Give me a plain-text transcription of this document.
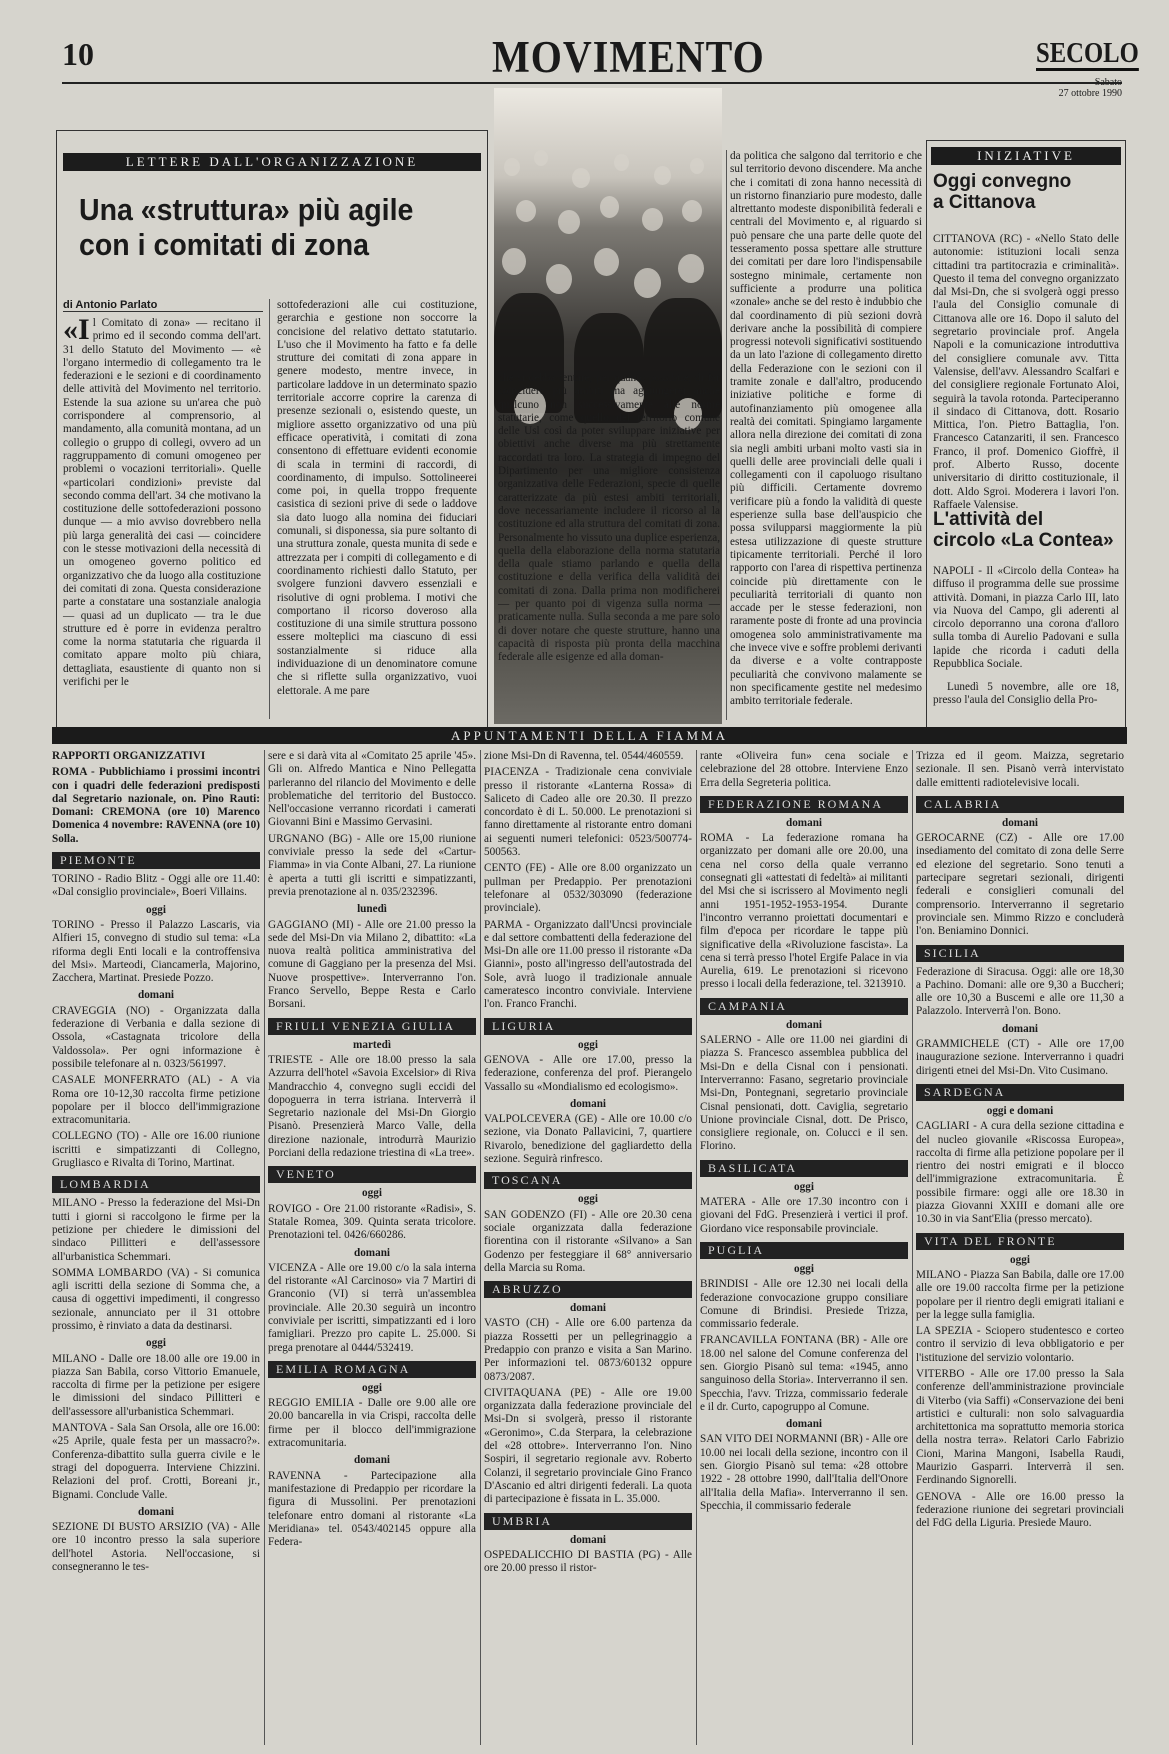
10	MOVIMENTO	SECOLO
27 ottobre 1990
LETTERE DALL'ORGANIZZAZIONE
Una «struttura» più agile
con i comitati di zona
di Antonio Parlato
«Il Comitato di zona» — recitano il primo ed il secondo comma dell'art. 31 dello Statuto del Movimento — «è l'organo intermedio di collegamento tra le federazioni e le sezioni e di coordinamento delle attività del Movimento nel territorio. Estende la sua azione su un'area che può corrispondere al comprensorio, al mandamento, alla comunità montana, ad un collegio o gruppo di collegi, ovvero ad un raggruppamento di comuni omogeneo per problemi o vocazioni territoriali». Quelle «particolari condizioni» previste dal secondo comma dell'art. 34 che motivano la costituzione delle sottofederazioni possono dunque — a mio avviso dovrebbero nella più larga generalità dei casi — coincidere con le stesse motivazioni della necessità di un omogeneo governo politico ed organizzativo che da luogo alla costituzione dei comitati di zona. Questa considerazione parte a constatare una sostanziale analogia — quasi ad un duplicato — tra le due strutture ed è porre in evidenza peraltro come la norma statutaria che riguarda il comitato appare molto più chiara, dettagliata, esaustiente di quanto non si verifichi per le
sottofederazioni alle cui costituzione, gerarchia e gestione non soccorre la concisione del relativo dettato statutario. L'uso che il Movimento ha fatto e fa delle strutture dei comitati di zona appare in genere modesto, mentre invece, in particolare laddove in un determinato spazio territoriale accorre coprire la carenza di presenze sezionali o, esistendo queste, un migliore assetto organizzativo od una più efficace operatività, i comitati di zona consentono di effettuare evidenti economie di scala in termini di raccordi, di coordinamento, di impulso. Sottolineerei come poi, in quella troppo frequente casistica di sezioni prive di sede o laddove sia dato luogo alla nomina dei fiduciari comunali, si disponessa, sia pure soltanto di una struttura zonale, questa munita di sede e attrezzata per i compiti di collegamento e di coordinamento richiesti dallo Statuto, per svolgere funzioni davvero essenziali e risolutive di ogni problema. I motivi che comportano il ricorso doveroso alla costituzione di una simile struttura possono essere molteplici ma ciascuno di essi sostanzialmente si riduce alla individuazione di un denominatore comune che si riflette sulla organizzativo, vuoi elettorale. A me pare
che si debba tentare, per quanto possibile, di far coincidere più ambiti ma aggiungerei anche qualcuno non successivamente alle norme statutarie, come quello del territorio comune delle Usl così da poter sviluppare iniziative per obiettivi anche diverse ma più strettamente raccordati tra loro. La strategia di impegno del Dipartimento per una migliore consistenza organizzativa delle Federazioni, specie di quelle caratterizzate da più estesi ambiti territoriali, dove necessariamente includere il ricorso al la costituzione ed alla struttura del comitati di zona. Personalmente ho vissuto una duplice esperienza, quella della elaborazione della norma statutaria della quale stiamo parlando e quella della costituzione e della verifica della validità dei comitati di zona. Dalla prima non modificherei — per quanto poi di vigenza sulla norma — praticamente nulla. Sulla seconda a me pare solo di dover notare che queste strutture, hanno una capacità di risposta più pronta della macchina federale alle esigenze ed alla doman-
da politica che salgono dal territorio e che sul territorio devono discendere. Ma anche che i comitati di zona hanno necessità di un ristorno finanziario pure modesto, dalle altrettanto modeste disponibilità federali e centrali del Movimento e, al riguardo si può pensare che una parte delle quote del tesseramento possa spettare alle strutture dei comitati per dare loro l'indispensabile sostegno minimale, certamente non sufficiente a produrre una politica «zonale» anche se del resto è indubbio che dal coordinamento di più sezioni dovrà derivare anche la possibilità di compiere progressi notevoli significativi sostituendo da un lato l'azione di collegamento diretto della Federazione con le sezioni con il tramite zonale e dall'altro, producendo iniziative politiche e forme di autofinanziamento più omogenee alla realtà dei comitati. Spingiamo largamente allora nella direzione dei comitati di zona sia negli ambiti urbani molto vasti sia in quelli delle aree provinciali delle quali i collegamenti con il capoluogo risultano più difficili. Certamente dovremo verificare più a fondo la validità di queste esperienze sulla base dell'auspicio che possa svilupparsi maggiormente la più estesa utilizzazione di queste strutture tipicamente territoriali. Perché il loro rapporto con l'area di rispettiva pertinenza coincide più direttamente con le peculiarità territoriali di quanto non accade per le stesse federazioni, non raramente poste di fronte ad una provincia omogenea solo amministrativamente ma che invece vive e soffre problemi derivanti da diverse e a volte contrapposte peculiarità che convivono malamente se non specificamente gestite nel medesimo ambito territoriale federale.
INIZIATIVE
Oggi convegno
a Cittanova
CITTANOVA (RC) - «Nello Stato delle autonomie: istituzioni locali senza cittadini tra partitocrazia e criminalità». Questo il tema del convegno organizzato dal Msi-Dn, che si svolgerà oggi presso l'aula del Consiglio comunale di Cittanova alle ore 16. Dopo il saluto del segretario provinciale prof. Angela Napoli e la comunicazione introduttiva del consigliere comunale avv. Titta Valensise, dell'avv. Alessandro Scalfari e del consigliere regionale Fortunato Aloi, seguirà la tavola rotonda. Parteciperanno il sindaco di Cittanova, dott. Rosario Mittica, l'on. Pietro Battaglia, l'on. Francesco Catanzariti, il sen. Francesco Franco, il prof. Domenico Gioffrè, il prof. Alberto Russo, docente universitario di diritto costituzionale, il dott. Aldo Sgroi. Moderera i lavori l'on. Raffaele Valensise.
L'attività del
circolo «La Contea»
NAPOLI - Il «Circolo della Contea» ha diffuso il programma delle sue prossime attività. Domani, in piazza Carlo III, lato via Nuova del Campo, gli aderenti al circolo deporranno una corona d'alloro sulla tomba di Aurelio Padovani e sulla lapide che ricorda i caduti della Repubblica Sociale.
Lunedì 5 novembre, alle ore 18, presso l'aula del Consiglio della Pro-
APPUNTAMENTI DELLA FIAMMA

RAPPORTI ORGANIZZATIVI

ROMA - Pubblichiamo i prossimi incontri con i quadri delle federazioni predisposti dal Segretario nazionale, on. Pino Rauti: Domani: CREMONA (ore 10) Marenco Domenica 4 novembre: RAVENNA (ore 10) Solla.

PIEMONTE

TORINO - Radio Blitz - Oggi alle ore 11.40: «Dal consiglio provinciale», Boeri Villains.

oggi

TORINO - Presso il Palazzo Lascaris, via Alfieri 15, convegno di studio sul tema: «La riforma degli Enti locali e la controffensiva del Msi». Marteodi, Ciancamerla, Majorino, Zacchera, Martinat. Presiede Pozzo.

domani

CRAVEGGIA (NO) - Organizzata dalla federazione di Verbania e dalla sezione di Ossola, «Castagnata tricolore della Valdossola». Per ogni informazione è possibile telefonare al n. 0323/561997.

CASALE MONFERRATO (AL) - A via Roma ore 10-12,30 raccolta firme petizione popolare per il blocco dell'immigrazione extracomunitaria.

COLLEGNO (TO) - Alle ore 16.00 riunione iscritti e simpatizzanti di Collegno, Grugliasco e Rivalta di Torino, Martinat.

LOMBARDIA

MILANO - Presso la federazione del Msi-Dn tutti i giorni si raccolgono le firme per la petizione per chiedere le dimissioni del sindaco Pillitteri e dell'assessore all'urbanistica Schemmari.

SOMMA LOMBARDO (VA) - Si comunica agli iscritti della sezione di Somma che, a causa di oggettivi impedimenti, il congresso sezionale, annunciato per il 31 ottobre prossimo, è rinviato a data da destinarsi.

oggi

MILANO - Dalle ore 18.00 alle ore 19.00 in piazza San Babila, corso Vittorio Emanuele, raccolta di firme per la petizione per esigere le dimissioni del sindaco Pillitteri e dell'assessore all'urbanistica Schemmari.

MANTOVA - Sala San Orsola, alle ore 16.00: «25 Aprile, quale festa per un massacro?». Conferenza-dibattito sulla guerra civile e le stragi del dopoguerra. Interviene Chizzini. Relazioni del prof. Crotti, Boreani jr., Bignami. Conclude Valle.

domani

SEZIONE DI BUSTO ARSIZIO (VA) - Alle ore 10 incontro presso la sala superiore dell'hotel Astoria. Nell'occasione, si consegneranno le tes-

sere e si darà vita al «Comitato 25 aprile '45». Gli on. Alfredo Mantica e Nino Pellegatta parleranno del rilancio del Movimento e delle problematiche del territorio del Bustocco. Nell'occasione verranno ricordati i camerati Giovanni Bini e Massimo Gervasini.

URGNANO (BG) - Alle ore 15,00 riunione conviviale presso la sede del «Cartur-Fiamma» in via Conte Albani, 27. La riunione è aperta a tutti gli iscritti e simpatizzanti, previa prenotazione al n. 035/232396.

lunedì

GAGGIANO (MI) - Alle ore 21.00 presso la sede del Msi-Dn via Milano 2, dibattito: «La nuova realtà politica amministrativa del comune di Gaggiano per la presenza del Msi. Nuove prospettive». Interverranno l'on. Franco Servello, Beppe Resta e Carlo Borsani.

FRIULI VENEZIA GIULIA
martedì

TRIESTE - Alle ore 18.00 presso la sala Azzurra dell'hotel «Savoia Excelsior» di Riva Mandracchio 4, convegno sugli eccidi del dopoguerra in terra istriana. Interverrà il Segretario nazionale del Msi-Dn Giorgio Pisanò. Presenzierà Marco Valle, della direzione nazionale, introdurrà Maurizio Porciani della redazione triestina di «La tree».

VENETO
oggi

ROVIGO - Ore 21.00 ristorante «Radisi», S. Statale Romea, 309. Quinta serata tricolore. Prenotazioni tel. 0426/660286.

domani

VICENZA - Alle ore 19.00 c/o la sala interna del ristorante «Al Carcinoso» via 7 Martiri di Granconio (VI) si terrà un'assemblea provinciale. Alle 20.30 seguirà un incontro conviviale per iscritti, simpatizzanti ed i loro famigliari. Prezzo pro capite L. 25.000. Si prega prenotare al 0444/532419.

EMILIA ROMAGNA
oggi

REGGIO EMILIA - Dalle ore 9.00 alle ore 20.00 bancarella in via Crispi, raccolta delle firme per il blocco dell'immigrazione extracomunitaria.

domani

RAVENNA - Partecipazione alla manifestazione di Predappio per ricordare la figura di Mussolini. Per prenotazioni telefonare entro domani al ristorante «La Meridiana» tel. 0543/402145 oppure alla Federa-

zione Msi-Dn di Ravenna, tel. 0544/460559.

PIACENZA - Tradizionale cena conviviale presso il ristorante «Lanterna Rossa» di Saliceto di Cadeo alle ore 20.30. Il prezzo concordato è di L. 50.000. Le prenotazioni si fanno direttamente al ristorante entro domani ai seguenti numeri telefonici: 0523/500774-500563.

CENTO (FE) - Alle ore 8.00 organizzato un pullman per Predappio. Per prenotazioni telefonare al 0532/303090 (federazione provinciale).

PARMA - Organizzato dall'Uncsi provinciale e dal settore combattenti della federazione del Msi-Dn alle ore 11.00 presso il ristorante «Da Gianni», posto all'ingresso dell'autostrada del Sole, avrà luogo il tradizionale annuale cameratesco incontro conviviale. Interviene l'on. Franco Franchi.

LIGURIA
oggi

GENOVA - Alle ore 17.00, presso la federazione, conferenza del prof. Pierangelo Vassallo su «Mondialismo ed ecologismo».

domani

VALPOLCEVERA (GE) - Alle ore 10.00 c/o sezione, via Donato Pallavicini, 7, quartiere Rivarolo, benedizione del gagliardetto della sezione. Seguirà rinfresco.

TOSCANA
oggi

SAN GODENZO (FI) - Alle ore 20.30 cena sociale organizzata dalla federazione fiorentina con il ristorante «Silvano» a San Godenzo per festeggiare il 68° anniversario della Marcia su Roma.

ABRUZZO
domani

VASTO (CH) - Alle ore 6.00 partenza da piazza Rossetti per un pellegrinaggio a Predappio con pranzo e visita a San Marino. Per informazioni tel. 0873/60132 oppure 0873/2087.

CIVITAQUANA (PE) - Alle ore 19.00 organizzata dalla federazione provinciale del Msi-Dn si svolgerà, presso il ristorante «Geronimo», C.da Sterpara, la celebrazione del «28 ottobre». Interverranno l'on. Nino Sospiri, il segretario regionale avv. Roberto Colanzi, il segretario provinciale Gino Franco D'Ascanio ed altri dirigenti federali. La quota di partecipazione è fissata in L. 35.000.

UMBRIA
domani

OSPEDALICCHIO DI BASTIA (PG) - Alle ore 20.00 presso il ristor-

rante «Oliveira fun» cena sociale e celebrazione del 28 ottobre. Interviene Enzo Erra della Segreteria politica.

FEDERAZIONE ROMANA
domani

ROMA - La federazione romana ha organizzato per domani alle ore 20.00, una cena nel corso della quale verranno consegnati gli «attestati di fedeltà» ai militanti del Msi che si iscrissero al Movimento negli anni 1951-1952-1953-1954. Durante l'incontro verranno proiettati documentari e film d'epoca per ricordare le tappe più significative della «Rivoluzione fascista». La cena si terrà presso l'hotel Ergife Palace in via Aurelia, 619. Le prenotazioni si ricevono presso i locali della federazione, tel. 3213910.

CAMPANIA
domani

SALERNO - Alle ore 11.00 nei giardini di piazza S. Francesco assemblea pubblica del Msi-Dn e della Cisnal con i pensionati. Interverranno: Fasano, segretario provinciale Msi-Dn, Pontegnani, segretario provinciale Cisnal pensionati, dott. Caviglia, segretario Unione provinciale Cisnal, dott. De Prisco, consigliere regionale, on. Colucci e il sen. Florino.

BASILICATA
oggi

MATERA - Alle ore 17.30 incontro con i giovani del FdG. Presenzierà i vertici il prof. Giordano vice responsabile provinciale.

PUGLIA
oggi

BRINDISI - Alle ore 12.30 nei locali della federazione convocazione gruppo consiliare Comune di Brindisi. Presiede Trizza, commissario federale.

FRANCAVILLA FONTANA (BR) - Alle ore 18.00 nel salone del Comune conferenza del sen. Giorgio Pisanò sul tema: «1945, anno sanguinoso della Storia». Interverranno il sen. Specchia, l'avv. Trizza, commissario federale e il dr. Curto, capogruppo al Comune.

domani

SAN VITO DEI NORMANNI (BR) - Alle ore 10.00 nei locali della sezione, incontro con il sen. Giorgio Pisanò sul tema: «28 ottobre 1922 - 28 ottobre 1990, dall'Italia dell'Onore all'Italia della Mafia». Interverranno il sen. Specchia, il commissario federale

Trizza ed il geom. Maizza, segretario sezionale. Il sen. Pisanò verrà intervistato dalle emittenti radiotelevisive locali.

CALABRIA
domani

GEROCARNE (CZ) - Alle ore 17.00 insediamento del comitato di zona delle Serre ed elezione del segretario. Sono tenuti a partecipare segretari sezionali, dirigenti federali e consiglieri comunali del comprensorio. Interverranno il segretario provinciale sen. Mimmo Rizzo e concluderà l'on. Beniamino Donnici.

SICILIA

Federazione di Siracusa. Oggi: alle ore 18,30 a Pachino. Domani: alle ore 9,30 a Buccheri; alle ore 10,30 a Buscemi e alle ore 11,30 a Palazzolo. Interverrà l'on. Bono.

domani

GRAMMICHELE (CT) - Alle ore 17,00 inaugurazione sezione. Interverranno i quadri dirigenti etnei del Msi-Dn. Vito Cusimano.

SARDEGNA
oggi e domani

CAGLIARI - A cura della sezione cittadina e del nucleo giovanile «Riscossa Europea», raccolta di firme alla petizione popolare per il rientro dei nostri emigrati e il blocco dell'immigrazione extracomunitaria. È possibile firmare: oggi alle ore 18.30 in piazza Giovanni XXIII e domani alle ore 10.30 in via Sant'Elia (presso mercato).

VITA DEL FRONTE
oggi

MILANO - Piazza San Babila, dalle ore 17.00 alle ore 19.00 raccolta firme per la petizione popolare per il rientro degli emigrati italiani e per la legge sulla famiglia.

LA SPEZIA - Sciopero studentesco e corteo contro il servizio di leva obbligatorio e per l'istituzione del servizio volontario.

VITERBO - Alle ore 17.00 presso la Sala conferenze dell'amministrazione provinciale di Viterbo (via Saffi) «Conservazione dei beni artistici e culturali: non solo salvaguardia architettonica ma soprattutto memoria storica della nostra terra». Relatori Carlo Fabrizio Cioni, Marina Mangoni, Isabella Raudi, Maurizio Gasparri. Interverrà il sen. Ferdinando Signorelli.

GENOVA - Alle ore 16.00 presso la federazione riunione dei segretari provinciali del FdG della Liguria. Presiede Mauro.
